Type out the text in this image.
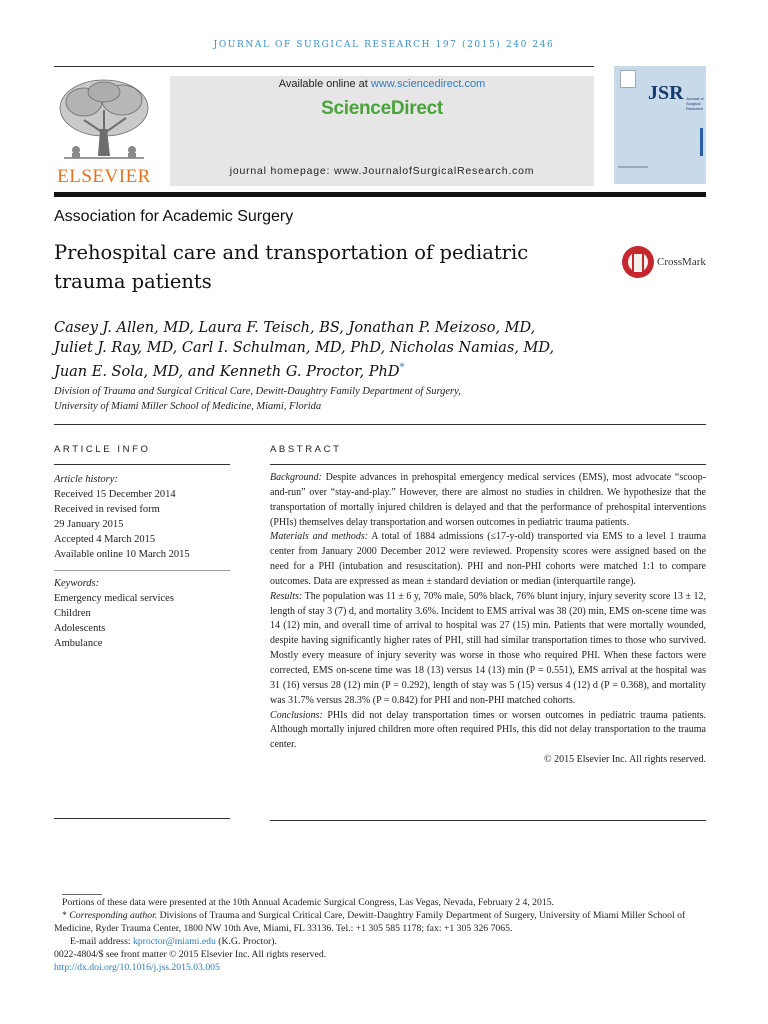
JOURNAL OF SURGICAL RESEARCH 197 (2015) 240 246
ELSEVIER
Available online at www.sciencedirect.com
ScienceDirect
journal homepage: www.JournalofSurgicalResearch.com
JSR Journal of Surgical Research
Association for Academic Surgery
Prehospital care and transportation of pediatric
trauma patients
CrossMark
Casey J. Allen, MD, Laura F. Teisch, BS, Jonathan P. Meizoso, MD,
Juliet J. Ray, MD, Carl I. Schulman, MD, PhD, Nicholas Namias, MD,
Juan E. Sola, MD, and Kenneth G. Proctor, PhD*
Division of Trauma and Surgical Critical Care, Dewitt-Daughtry Family Department of Surgery,
University of Miami Miller School of Medicine, Miami, Florida
ARTICLE INFO
Article history:
Received 15 December 2014
Received in revised form
29 January 2015
Accepted 4 March 2015
Available online 10 March 2015
Keywords:
Emergency medical services
Children
Adolescents
Ambulance
ABSTRACT

Background: Despite advances in prehospital emergency medical services (EMS), most advocate “scoop-and-run” over “stay-and-play.” However, there are almost no studies in children. We hypothesize that the transportation of mortally injured children is delayed and that the performance of prehospital interventions (PHIs) themselves delay transportation and worsen outcomes in pediatric trauma patients.

Materials and methods: A total of 1884 admissions (≤17-y-old) transported via EMS to a level 1 trauma center from January 2000 December 2012 were reviewed. Propensity scores were assigned based on the need for a PHI (intubation and resuscitation). PHI and non-PHI cohorts were matched 1:1 to compare outcomes. Data are expressed as mean ± standard deviation or median (interquartile range).

Results: The population was 11 ± 6 y, 70% male, 50% black, 76% blunt injury, injury severity score 13 ± 12, length of stay 3 (7) d, and mortality 3.6%. Incident to EMS arrival was 38 (20) min, EMS on-scene time was 14 (12) min, and overall time of arrival to hospital was 27 (15) min. Patients that were mortally wounded, despite having significantly higher rates of PHI, still had similar transportation times to those who survived. Mostly every measure of injury severity was worse in those who required PHI. When these factors were corrected, EMS on-scene time was 18 (13) versus 14 (13) min (P = 0.551), EMS arrival at the hospital was 31 (16) versus 28 (12) min (P = 0.292), length of stay was 5 (15) versus 4 (12) d (P = 0.368), and mortality was 31.7% versus 28.3% (P = 0.842) for PHI and non-PHI matched cohorts.

Conclusions: PHIs did not delay transportation times or worsen outcomes in pediatric trauma patients. Although mortally injured children more often required PHIs, this did not delay transportation to the trauma center.

© 2015 Elsevier Inc. All rights reserved.

Portions of these data were presented at the 10th Annual Academic Surgical Congress, Las Vegas, Nevada, February 2 4, 2015.

* Corresponding author. Divisions of Trauma and Surgical Critical Care, Dewitt-Daughtry Family Department of Surgery, University of Miami Miller School of Medicine, Ryder Trauma Center, 1800 NW 10th Ave, Miami, FL 33136. Tel.: +1 305 585 1178; fax: +1 305 326 7065.

E-mail address: kproctor@miami.edu (K.G. Proctor).

0022-4804/$ see front matter © 2015 Elsevier Inc. All rights reserved.

http://dx.doi.org/10.1016/j.jss.2015.03.005
